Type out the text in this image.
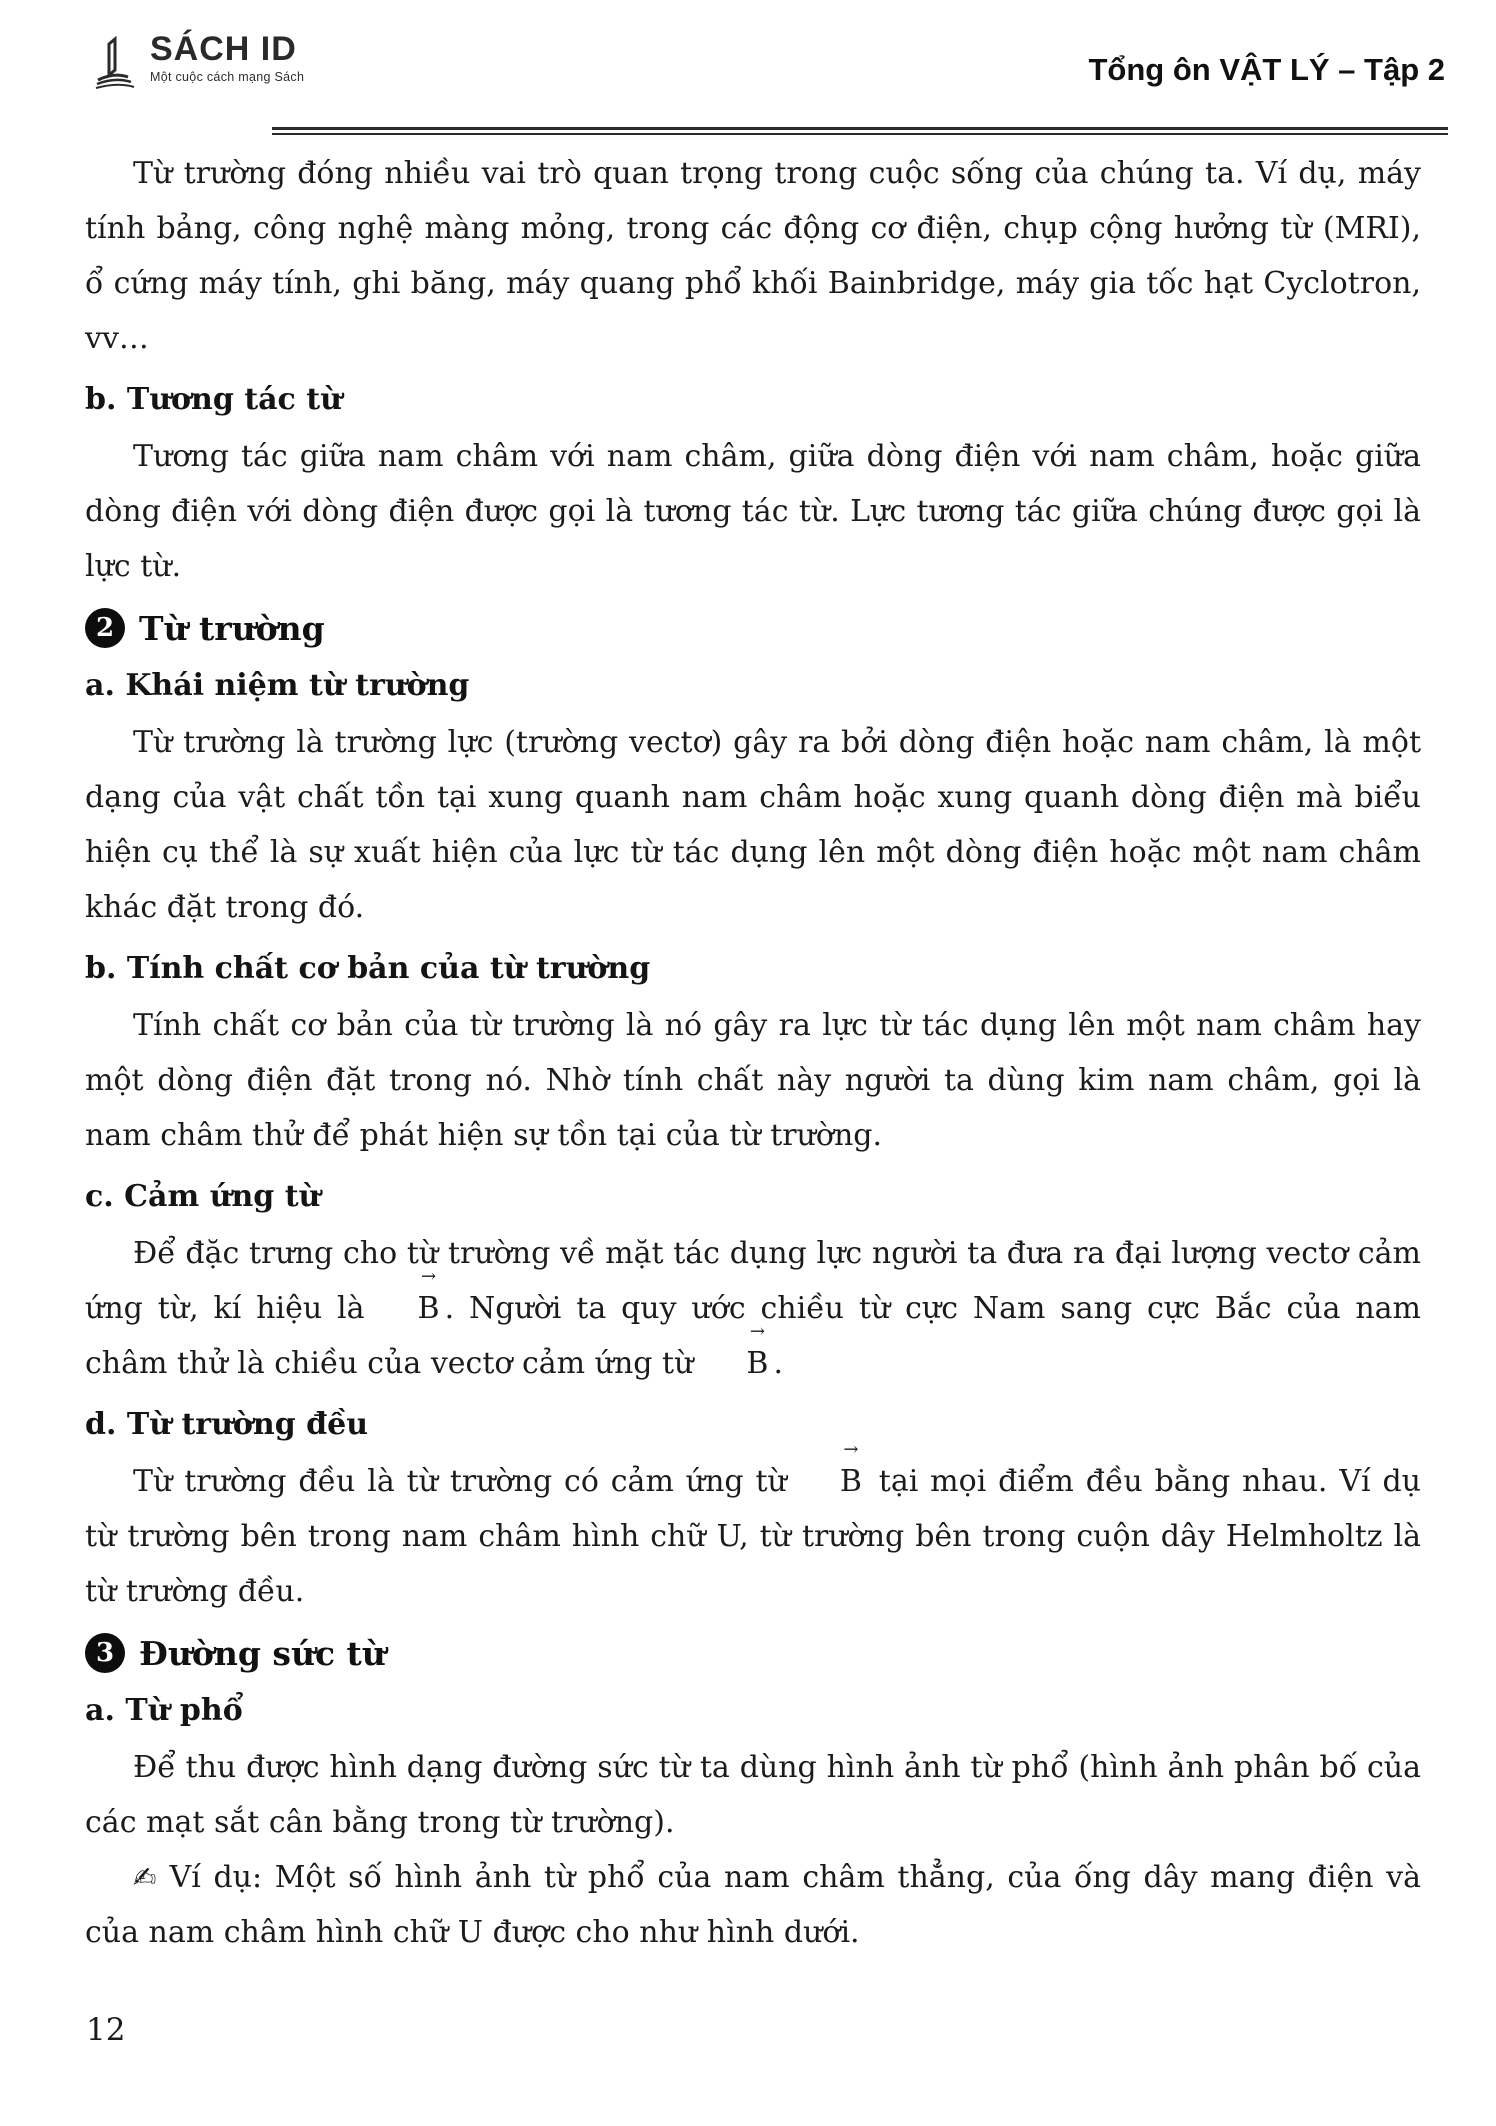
SÁCH ID
Một cuộc cách mạng Sách	Tổng ôn VẬT LÝ – Tập 2

Từ trường đóng nhiều vai trò quan trọng trong cuộc sống của chúng ta. Ví dụ, máy tính bảng, công nghệ màng mỏng, trong các động cơ điện, chụp cộng hưởng từ (MRI), ổ cứng máy tính, ghi băng, máy quang phổ khối Bainbridge, máy gia tốc hạt Cyclotron, vv…

b. Tương tác từ

Tương tác giữa nam châm với nam châm, giữa dòng điện với nam châm, hoặc giữa dòng điện với dòng điện được gọi là tương tác từ. Lực tương tác giữa chúng được gọi là lực từ.

2 Từ trường
a. Khái niệm từ trường

Từ trường là trường lực (trường vectơ) gây ra bởi dòng điện hoặc nam châm, là một dạng của vật chất tồn tại xung quanh nam châm hoặc xung quanh dòng điện mà biểu hiện cụ thể là sự xuất hiện của lực từ tác dụng lên một dòng điện hoặc một nam châm khác đặt trong đó.

b. Tính chất cơ bản của từ trường

Tính chất cơ bản của từ trường là nó gây ra lực từ tác dụng lên một nam châm hay một dòng điện đặt trong nó. Nhờ tính chất này người ta dùng kim nam châm, gọi là nam châm thử để phát hiện sự tồn tại của từ trường.

c. Cảm ứng từ

Để đặc trưng cho từ trường về mặt tác dụng lực người ta đưa ra đại lượng vectơ cảm ứng từ, kí hiệu là B → . Người ta quy ước chiều từ cực Nam sang cực Bắc của nam châm thử là chiều của vectơ cảm ứng từ B → .

d. Từ trường đều

Từ trường đều là từ trường có cảm ứng từ B → tại mọi điểm đều bằng nhau. Ví dụ từ trường bên trong nam châm hình chữ U, từ trường bên trong cuộn dây Helmholtz là từ trường đều.

3 Đường sức từ
a. Từ phổ

Để thu được hình dạng đường sức từ ta dùng hình ảnh từ phổ (hình ảnh phân bố của các mạt sắt cân bằng trong từ trường).

✍ Ví dụ: Một số hình ảnh từ phổ của nam châm thẳng, của ống dây mang điện và của nam châm hình chữ U được cho như hình dưới.

12
